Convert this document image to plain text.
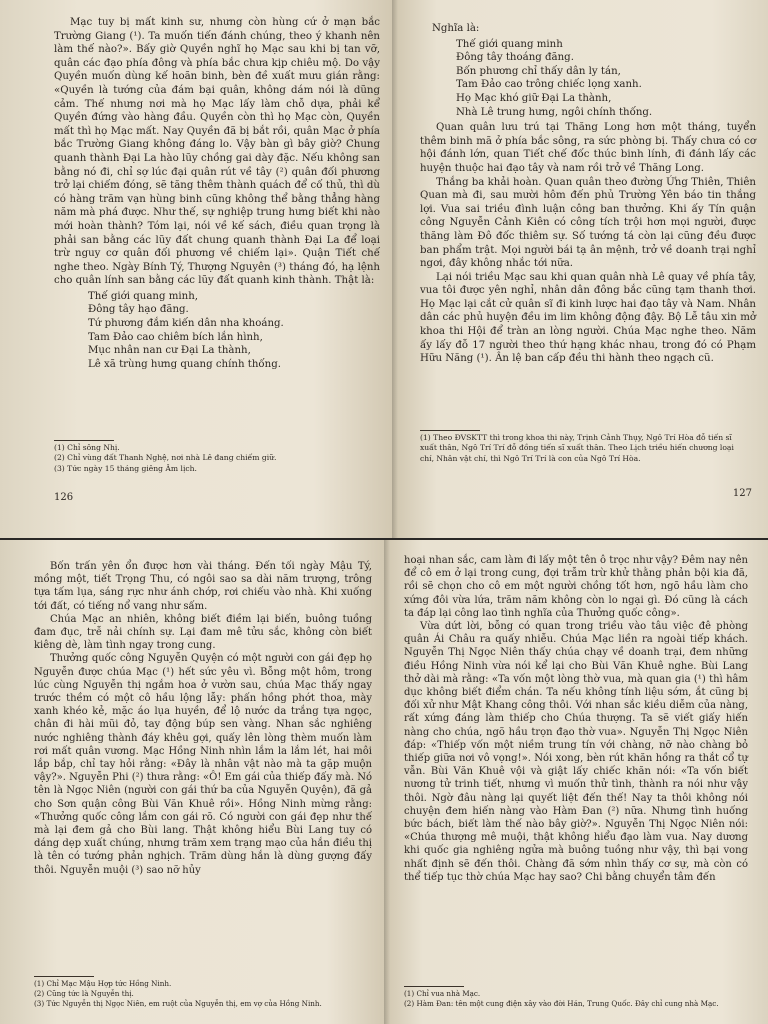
Mạc tuy bị mất kinh sư, nhưng còn hùng cứ ở mạn bắc Trường Giang (¹). Ta muốn tiến đánh chúng, theo ý khanh nên làm thế nào?». Bấy giờ Quyền nghĩ họ Mạc sau khi bị tan vỡ, quân các đạo phía đông và phía bắc chưa kịp chiêu mộ. Do vậy Quyền muốn dùng kế hoãn binh, bèn đề xuất mưu gián rằng: «Quyền là tướng của đám bại quân, không dám nói là dũng cảm. Thế nhưng nơi mà họ Mạc lấy làm chỗ dựa, phải kể Quyền đứng vào hàng đầu. Quyền còn thì họ Mạc còn, Quyền mất thì họ Mạc mất. Nay Quyền đã bị bắt rồi, quân Mạc ở phía bắc Trường Giang không đáng lo. Vậy bàn gì bây giờ? Chung quanh thành Đại La hào lũy chồng gai dày đặc. Nếu không san bằng nó đi, chỉ sợ lúc đại quân rút về tây (²) quân đối phương trở lại chiếm đóng, sẽ tăng thêm thành quách để cố thủ, thì dù có hàng trăm vạn hùng binh cũng không thể bằng thẳng hàng năm mà phá được. Như thế, sự nghiệp trung hưng biết khi nào mới hoàn thành? Tóm lại, nói về kế sách, điều quan trọng là phải san bằng các lũy đất chung quanh thành Đại La để loại trừ nguy cơ quân đối phương về chiếm lại». Quận Tiết chế nghe theo. Ngày Bính Tý, Thượng Nguyên (³) tháng đó, hạ lệnh cho quân lính san bằng các lũy đất quanh kinh thành. Thật là:

Thế giới quang minh,
Đông tây hạo đãng.
Tứ phương đắm kiến dân nha khoáng.
Tam Đảo cao chiêm bích lắn hình,
Mục nhân nan cư Đại La thành,
Lê xã trùng hưng quang chính thống.
(1) Chỉ sông Nhị.
(2) Chỉ vùng đất Thanh Nghệ, nơi nhà Lê đang chiếm giữ.
(3) Tức ngày 15 tháng giêng Âm lịch.
126

Nghĩa là:

Thế giới quang minh
Đông tây thoáng đãng.
Bốn phương chỉ thấy dân ly tán,
Tam Đảo cao trông chiếc lọng xanh.
Họ Mạc khó giữ Đại La thành,
Nhà Lê trung hưng, ngôi chính thống.

Quan quân lưu trú tại Thăng Long hơn một tháng, tuyển thêm binh mã ở phía bắc sông, ra sức phòng bị. Thấy chưa có cơ hội đánh lớn, quan Tiết chế đốc thúc binh lính, đi đánh lấy các huyện thuộc hai đạo tây và nam rồi trở về Thăng Long.

Thắng ba khải hoàn. Quan quân theo đường Ứng Thiên, Thiên Quan mà đi, sau mười hôm đến phủ Trường Yên báo tin thắng lợi. Vua sai triều đình luận công ban thưởng. Khi ấy Tín quận công Nguyễn Cảnh Kiên có công tích trội hơn mọi người, được thăng làm Đô đốc thiêm sự. Số tướng tá còn lại cũng đều được ban phẩm trật. Mọi người bái tạ ân mệnh, trở về doanh trại nghỉ ngơi, đây không nhắc tới nữa.

Lại nói triều Mạc sau khi quan quân nhà Lê quay về phía tây, vua tôi được yên nghỉ, nhân dân đông bắc cũng tạm thanh thơi. Họ Mạc lại cắt cử quân sĩ đi kinh lược hai đạo tây và Nam. Nhân dân các phủ huyện đều im lim không động đậy. Bộ Lễ tâu xin mở khoa thi Hội để tràn an lòng người. Chúa Mạc nghe theo. Năm ấy lấy đỗ 17 người theo thứ hạng khác nhau, trong đó có Phạm Hữu Năng (¹). Ân lệ ban cấp đều thi hành theo ngạch cũ.

(1) Theo ĐVSKTT thì trong khoa thi này, Trịnh Cảnh Thụy, Ngô Trí Hòa đỗ tiến sĩ xuất thân, Ngô Trí Trí đỗ đồng tiến sĩ xuất thân. Theo Lịch triều hiến chương loại chí, Nhân vật chí, thì Ngô Trí Trí là con của Ngô Trí Hòa.
127

Bốn trấn yên ổn được hơn vài tháng. Đến tối ngày Mậu Tý, mồng một, tiết Trọng Thu, có ngôi sao sa dài năm trượng, trông tựa tấm lụa, sáng rực như ánh chớp, rơi chiếu vào nhà. Khi xuống tới đất, có tiếng nổ vang như sấm.

Chúa Mạc an nhiên, không biết điềm lại biến, buông tuồng đam đục, trễ nải chính sự. Lại đam mê tửu sắc, không còn biết kiêng dè, làm tình ngay trong cung.

Thưởng quốc công Nguyễn Quyện có một người con gái đẹp họ Nguyễn được chúa Mạc (¹) hết sức yêu vì. Bỗng một hôm, trong lúc cùng Nguyễn thị ngắm hoa ở vườn sau, chúa Mạc thấy ngay trước thềm có một cô hầu lộng lẫy: phấn hồng phớt thoa, mày xanh khéo kẻ, mặc áo lụa huyền, để lộ nước da trắng tựa ngọc, chân đi hài mũi đỏ, tay động búp sen vàng. Nhan sắc nghiêng nước nghiêng thành đáy khêu gợi, quấy lên lòng thèm muốn làm rơi mất quân vương. Mạc Hồng Ninh nhìn lắm la lắm lét, hai môi lắp bắp, chỉ tay hỏi rằng: «Đây là nhân vật nào mà ta gặp muộn vậy?». Nguyễn Phi (²) thưa rằng: «Ô! Em gái của thiếp đấy mà. Nó tên là Ngọc Niên (người con gái thứ ba của Nguyễn Quyện), đã gả cho Sơn quận công Bùi Văn Khuê rồi». Hồng Ninh mừng rằng: «Thưởng quốc công lắm con gái rõ. Có người con gái đẹp như thế mà lại đem gả cho Bùi lang. Thật không hiểu Bùi Lang tuy có dáng dẹp xuất chúng, nhưng trăm xem trạng mạo của hắn điều thị là tên có tướng phản nghịch. Trăm dùng hắn là dùng gượng đấy thôi. Nguyễn muội (³) sao nỡ hủy

(1) Chỉ Mạc Mậu Hợp tức Hồng Ninh.
(2) Cũng tức là Nguyễn thị.
(3) Tức Nguyễn thị Ngọc Niên, em ruột của Nguyễn thị, em vợ của Hồng Ninh.

hoại nhan sắc, cam làm đi lấy một tên ô trọc như vậy? Đêm nay nên để cô em ở lại trong cung, đợi trẫm trừ khử thằng phản bội kia đã, rồi sẽ chọn cho cô em một người chồng tốt hơn, ngõ hầu làm cho xứng đôi vừa lứa, trăm năm không còn lo ngại gì. Đó cũng là cách ta đáp lại công lao tình nghĩa của Thưởng quốc công».

Vừa dứt lời, bỗng có quan trong triều vào tâu việc đê phòng quân Ái Châu ra quấy nhiễu. Chúa Mạc liền ra ngoài tiếp khách. Nguyễn Thị Ngọc Niên thấy chúa chạy về doanh trại, đem những điều Hồng Ninh vừa nói kể lại cho Bùi Văn Khuê nghe. Bùi Lang thở dài mà rằng: «Ta vốn một lòng thờ vua, mà quan gia (¹) thì hâm dục không biết điểm chán. Ta nếu không tính liệu sớm, ắt cũng bị đối xử như Mật Khang công thôi. Với nhan sắc kiều diễm của nàng, rất xứng đáng làm thiếp cho Chúa thượng. Ta sẽ viết giấy hiến nàng cho chúa, ngõ hầu trọn đạo thờ vua». Nguyễn Thị Ngọc Niên đáp: «Thiếp vốn một niềm trung tín với chàng, nỡ nào chàng bỏ thiếp giữa nơi vô vọng!». Nói xong, bèn rút khăn hồng ra thắt cổ tự vẫn. Bùi Văn Khuê vội và giật lấy chiếc khăn nói: «Ta vốn biết nương tử trinh tiết, nhưng vì muốn thử tình, thành ra nói như vậy thôi. Ngờ đâu nàng lại quyết liệt đến thế! Nay ta thôi không nói chuyện đem hiến nàng vào Hàm Đan (²) nữa. Nhưng tình huống bức bách, biết làm thế nào bây giờ?». Nguyễn Thị Ngọc Niên nói: «Chúa thượng mê muội, thật không hiểu đạo làm vua. Nay dương khi quốc gia nghiêng ngửa mà buông tuồng như vậy, thì bại vong nhất định sẽ đến thôi. Chàng đã sớm nhìn thấy cơ sự, mà còn có thể tiếp tục thờ chúa Mạc hay sao? Chi bằng chuyển tâm đến

(1) Chỉ vua nhà Mạc.
(2) Hàm Đan: tên một cung điện xây vào đời Hán, Trung Quốc. Đây chỉ cung nhà Mạc.
